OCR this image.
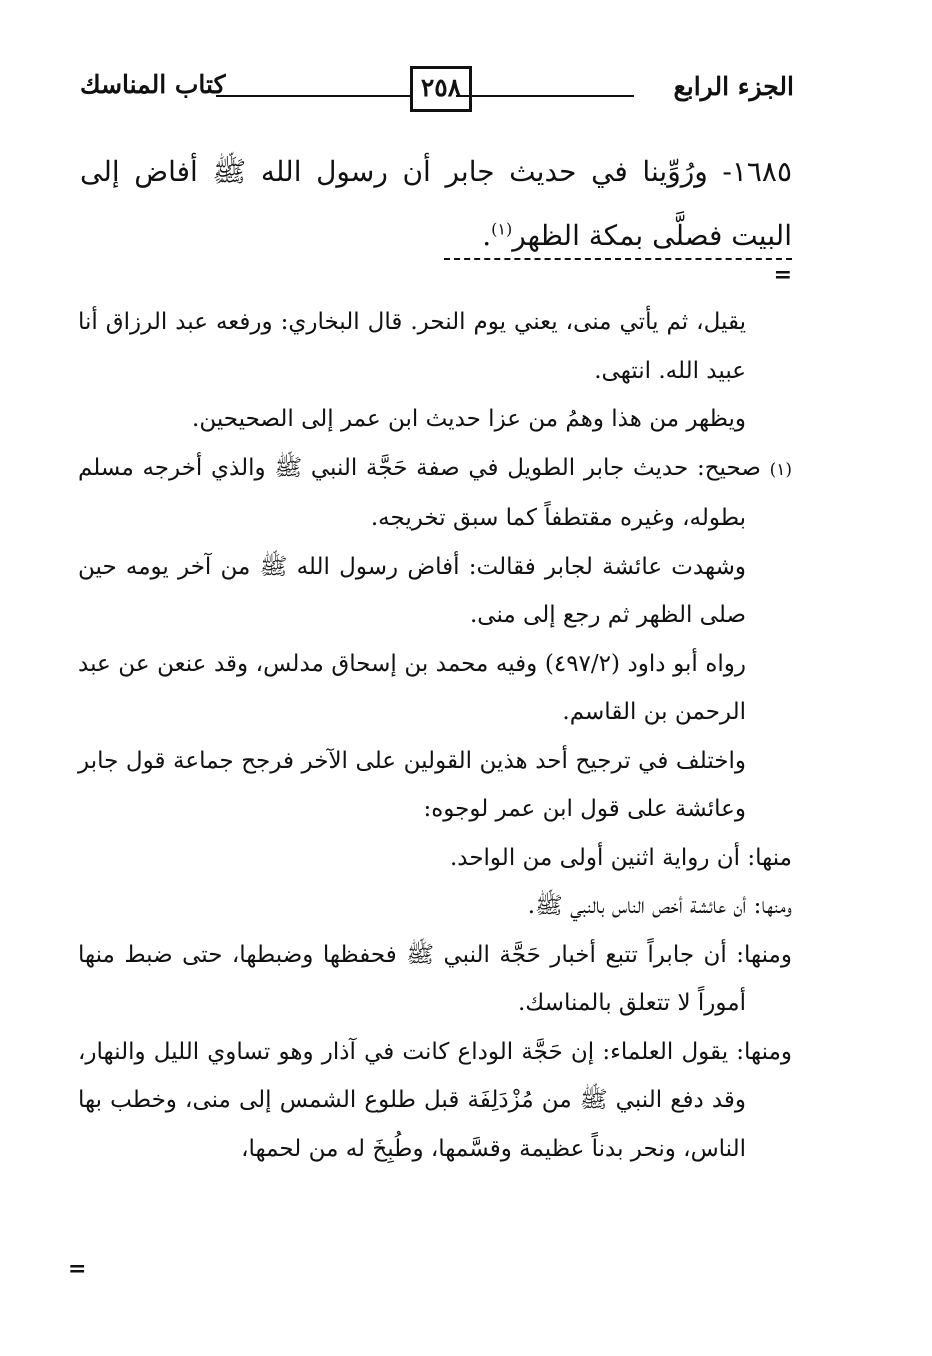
الجزء الرابع
٢٥٨
كتاب المناسك
١٦٨٥- ورُوِّينا في حديث جابر أن رسول الله ﷺ أفاض إلى البيت فصلَّى بمكة الظهر$^{(١)}$.
=

يقيل، ثم يأتي منى، يعني يوم النحر. قال البخاري: ورفعه عبد الرزاق أنا عبيد الله. انتهى.

ويظهر من هذا وهمُ من عزا حديث ابن عمر إلى الصحيحين.

(١) صحيح: حديث جابر الطويل في صفة حَجَّة النبي ﷺ والذي أخرجه مسلم بطوله، وغيره مقتطفاً كما سبق تخريجه.

وشهدت عائشة لجابر فقالت: أفاض رسول الله ﷺ من آخر يومه حين صلى الظهر ثم رجع إلى منى.

رواه أبو داود (٤٩٧/٢) وفيه محمد بن إسحاق مدلس، وقد عنعن عن عبد الرحمن بن القاسم.

واختلف في ترجيح أحد هذين القولين على الآخر فرجح جماعة قول جابر وعائشة على قول ابن عمر لوجوه:

منها: أن رواية اثنين أولى من الواحد.

ومنها: أن عائشة أخص الناس بالنبي ﷺ.

ومنها: أن جابراً تتبع أخبار حَجَّة النبي ﷺ فحفظها وضبطها، حتى ضبط منها أموراً لا تتعلق بالمناسك.

ومنها: يقول العلماء: إن حَجَّة الوداع كانت في آذار وهو تساوي الليل والنهار، وقد دفع النبي ﷺ من مُزْدَلِفَة قبل طلوع الشمس إلى منى، وخطب بها الناس، ونحر بدناً عظيمة وقسَّمها، وطُبِخَ له من لحمها،

=
